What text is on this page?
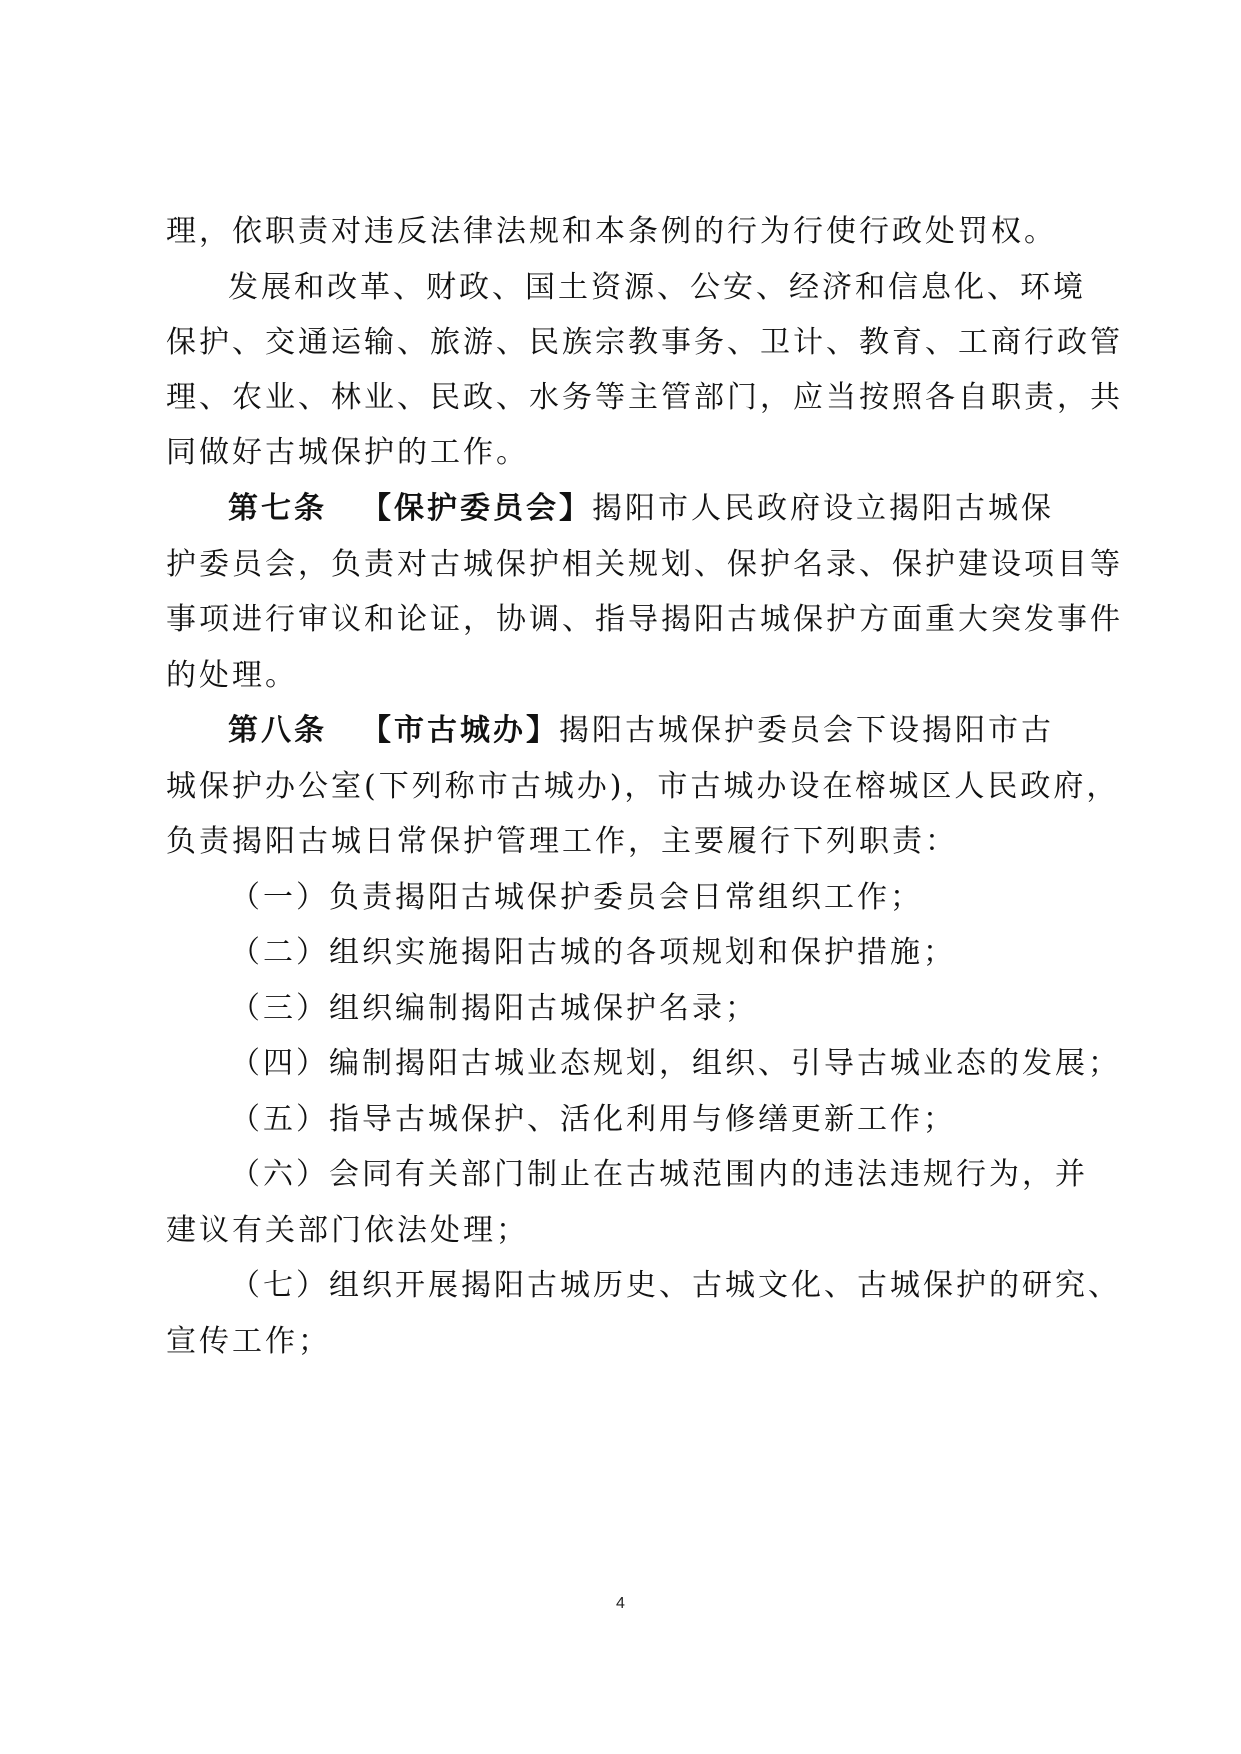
理，依职责对违反法律法规和本条例的行为行使行政处罚权。
发展和改革、财政、国土资源、公安、经济和信息化、环境
保护、交通运输、旅游、民族宗教事务、卫计、教育、工商行政管
理、农业、林业、民政、水务等主管部门，应当按照各自职责，共
同做好古城保护的工作。
第七条 【保护委员会】揭阳市人民政府设立揭阳古城保
护委员会，负责对古城保护相关规划、保护名录、保护建设项目等
事项进行审议和论证，协调、指导揭阳古城保护方面重大突发事件
的处理。
第八条 【市古城办】揭阳古城保护委员会下设揭阳市古
城保护办公室(下列称市古城办)，市古城办设在榕城区人民政府，
负责揭阳古城日常保护管理工作，主要履行下列职责：
（一）负责揭阳古城保护委员会日常组织工作；
（二）组织实施揭阳古城的各项规划和保护措施；
（三）组织编制揭阳古城保护名录；
（四）编制揭阳古城业态规划，组织、引导古城业态的发展；
（五）指导古城保护、活化利用与修缮更新工作；
（六）会同有关部门制止在古城范围内的违法违规行为，并
建议有关部门依法处理；
（七）组织开展揭阳古城历史、古城文化、古城保护的研究、
宣传工作；
4
